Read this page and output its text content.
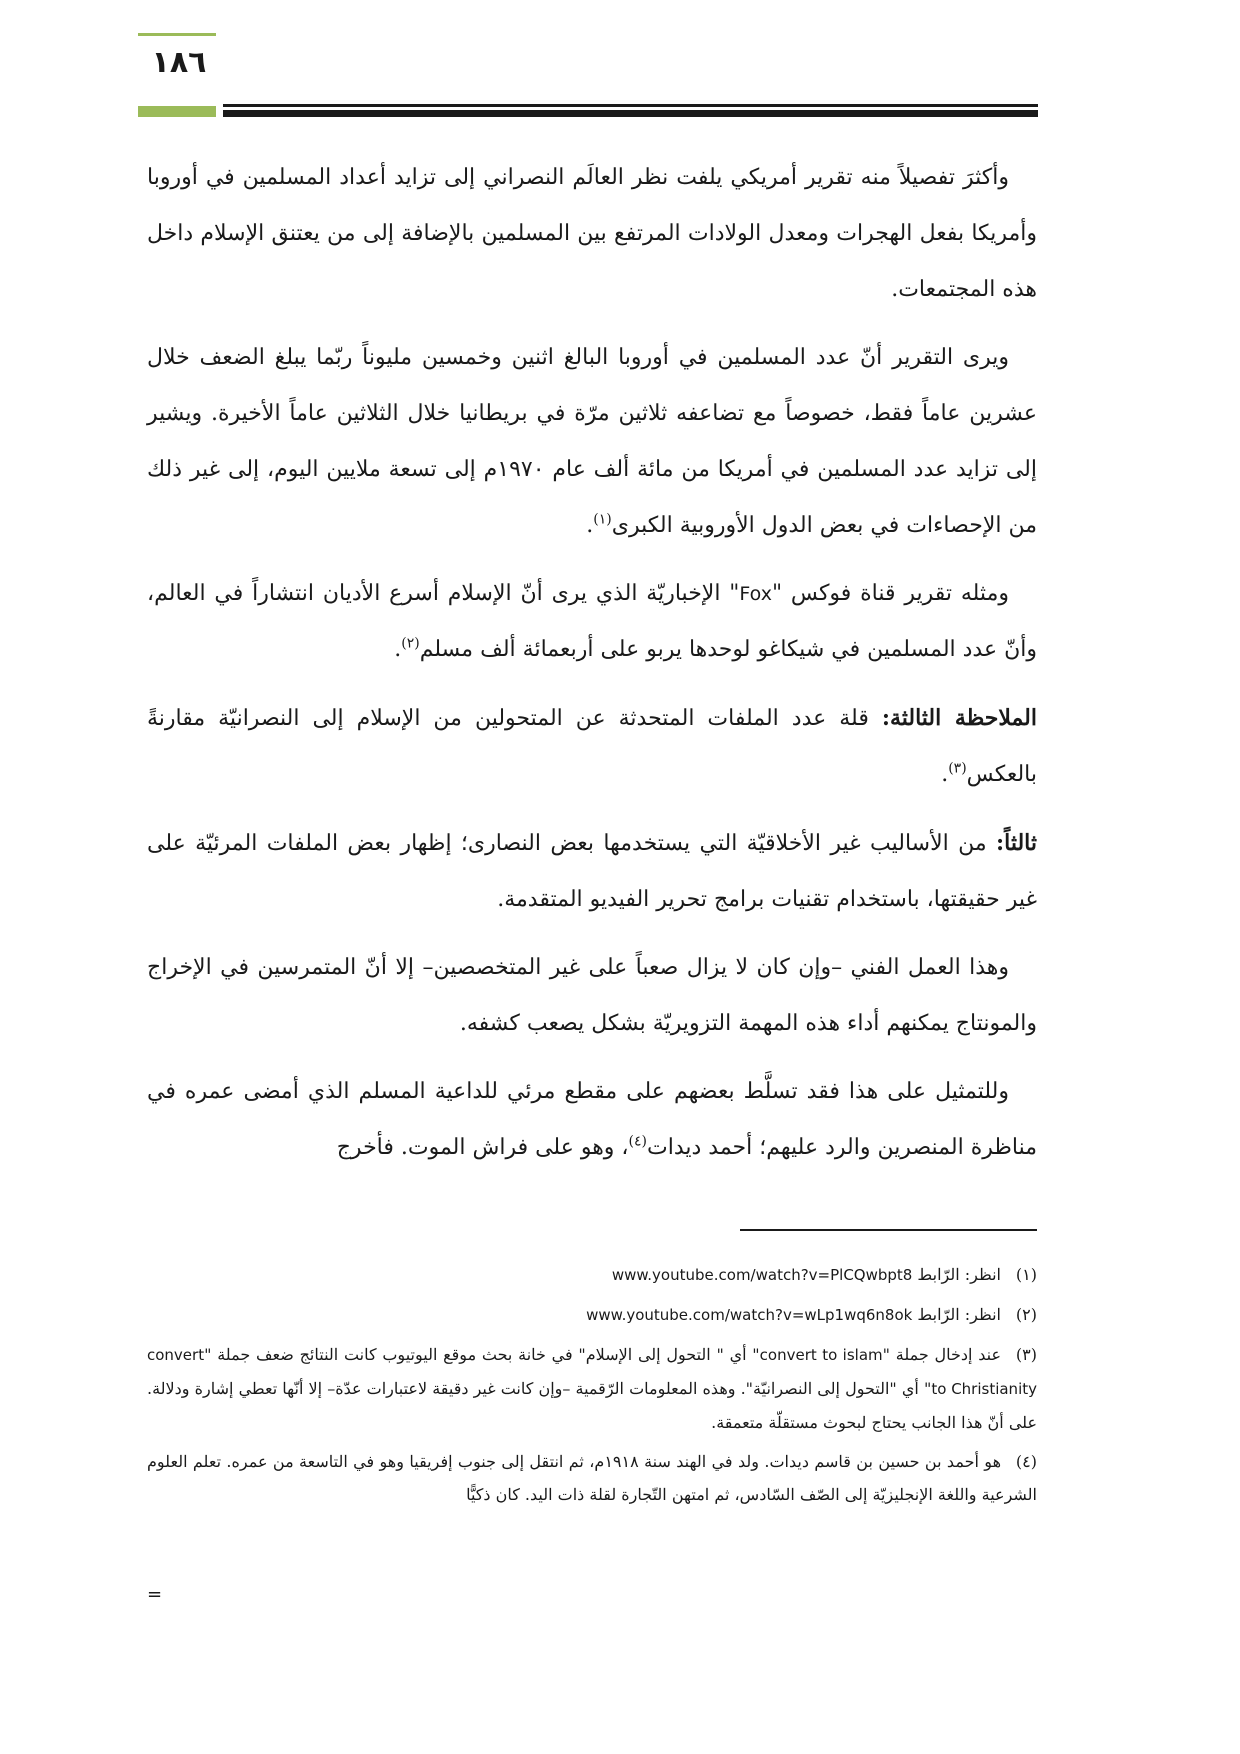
١٨٦

وأكثرَ تفصيلاً منه تقرير أمريكي يلفت نظر العالَم النصراني إلى تزايد أعداد المسلمين في أوروبا وأمريكا بفعل الهجرات ومعدل الولادات المرتفع بين المسلمين بالإضافة إلى من يعتنق الإسلام داخل هذه المجتمعات.

ويرى التقرير أنّ عدد المسلمين في أوروبا البالغ اثنين وخمسين مليوناً ربّما يبلغ الضعف خلال عشرين عاماً فقط، خصوصاً مع تضاعفه ثلاثين مرّة في بريطانيا خلال الثلاثين عاماً الأخيرة. ويشير إلى تزايد عدد المسلمين في أمريكا من مائة ألف عام ١٩٧٠م إلى تسعة ملايين اليوم، إلى غير ذلك من الإحصاءات في بعض الدول الأوروبية الكبرى$^{(١)}$.

ومثله تقرير قناة فوكس "Fox" الإخباريّة الذي يرى أنّ الإسلام أسرع الأديان انتشاراً في العالم، وأنّ عدد المسلمين في شيكاغو لوحدها يربو على أربعمائة ألف مسلم$^{(٢)}$.

الملاحظة الثالثة: قلة عدد الملفات المتحدثة عن المتحولين من الإسلام إلى النصرانيّة مقارنةً بالعكس$^{(٣)}$.

ثالثاً: من الأساليب غير الأخلاقيّة التي يستخدمها بعض النصارى؛ إظهار بعض الملفات المرئيّة على غير حقيقتها، باستخدام تقنيات برامج تحرير الفيديو المتقدمة.

وهذا العمل الفني –وإن كان لا يزال صعباً على غير المتخصصين– إلا أنّ المتمرسين في الإخراج والمونتاج يمكنهم أداء هذه المهمة التزويريّة بشكل يصعب كشفه.

وللتمثيل على هذا فقد تسلَّط بعضهم على مقطع مرئي للداعية المسلم الذي أمضى عمره في مناظرة المنصرين والرد عليهم؛ أحمد ديدات$^{(٤)}$، وهو على فراش الموت. فأخرج

(١)انظر: الرّابط www.youtube.com/watch?v=PlCQwbpt8
(٢)انظر: الرّابط www.youtube.com/watch?v=wLp1wq6n8ok
(٣)عند إدخال جملة "convert to islam" أي " التحول إلى الإسلام" في خانة بحث موقع اليوتيوب كانت النتائج ضعف جملة "convert to Christianity" أي "التحول إلى النصرانيّة". وهذه المعلومات الرّقمية –وإن كانت غير دقيقة لاعتبارات عدّة– إلا أنّها تعطي إشارة ودلالة. على أنّ هذا الجانب يحتاج لبحوث مستقلّة متعمقة.
(٤)هو أحمد بن حسين بن قاسم ديدات. ولد في الهند سنة ١٩١٨م، ثم انتقل إلى جنوب إفريقيا وهو في التاسعة من عمره. تعلم العلوم الشرعية واللغة الإنجليزيّة إلى الصّف السّادس، ثم امتهن التّجارة لقلة ذات اليد. كان ذكيًّا
=
